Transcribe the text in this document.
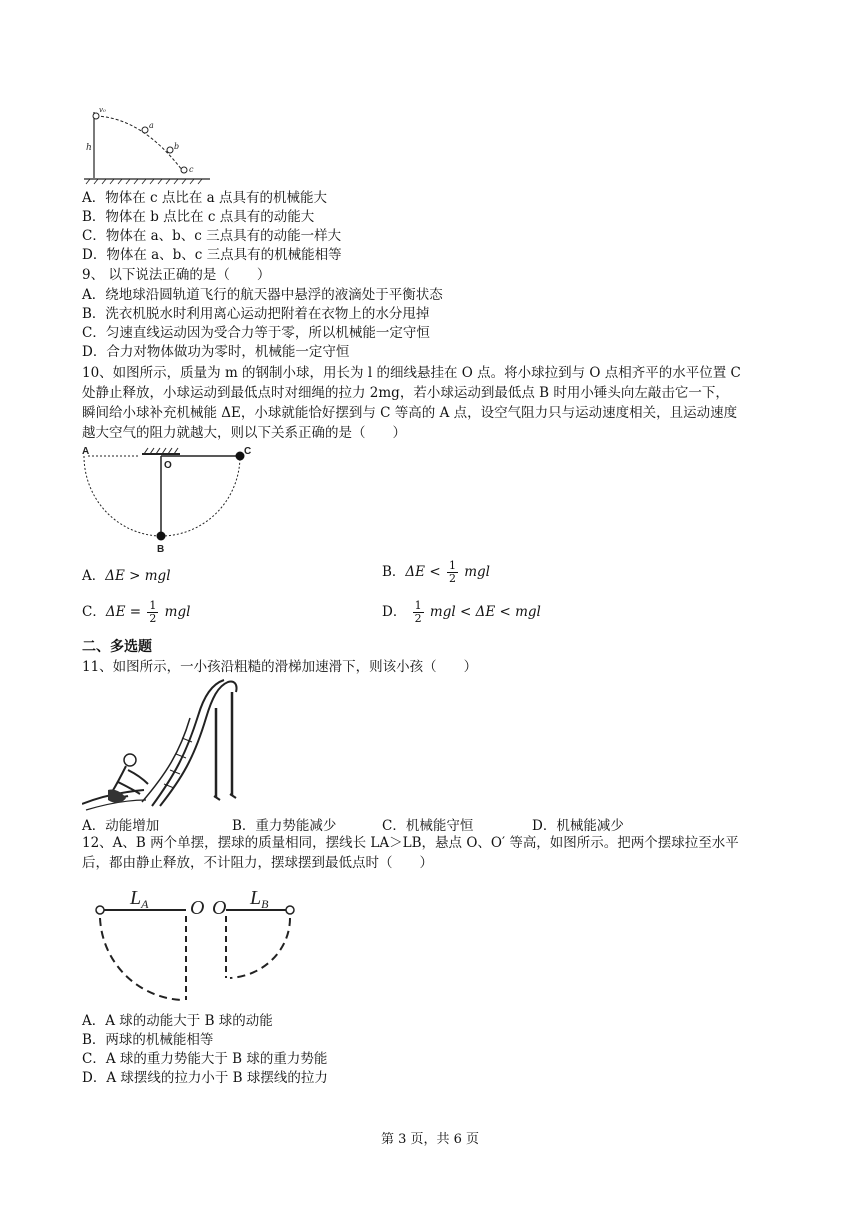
v₀
h
a
b
c
A．物体在 c 点比在 a 点具有的机械能大
B．物体在 b 点比在 c 点具有的动能大
C．物体在 a、b、c 三点具有的动能一样大
D．物体在 a、b、c 三点具有的机械能相等
9、 以下说法正确的是（　　）
A．绕地球沿圆轨道飞行的航天器中悬浮的液滴处于平衡状态
B．洗衣机脱水时利用离心运动把附着在衣物上的水分甩掉
C．匀速直线运动因为受合力等于零，所以机械能一定守恒
D．合力对物体做功为零时，机械能一定守恒
10、如图所示，质量为 m 的钢制小球，用长为 l 的细线悬挂在 O 点。将小球拉到与 O 点相齐平的水平位置 C
处静止释放，小球运动到最低点时对细绳的拉力 2mg，若小球运动到最低点 B 时用小锤头向左敲击它一下，
瞬间给小球补充机械能 ΔE，小球就能恰好摆到与 C 等高的 A 点，设空气阻力只与运动速度相关，且运动速度
越大空气的阻力就越大，则以下关系正确的是（　　）
A
O
C
B
A．ΔE > mgl	B．$\Delta E < \frac{1}{2}$ mgl
C．$\Delta E = \frac{1}{2}$ mgl	D． $\frac{1}{2}$ mgl < ΔE < mgl
二、多选题
11、如图所示，一小孩沿粗糙的滑梯加速滑下，则该小孩（　　）
A．动能增加	B．重力势能减少	C．机械能守恒	D．机械能减少
12、A、B 两个单摆，摆球的质量相同，摆线长 LA＞LB，悬点 O、O′ 等高，如图所示。把两个摆球拉至水平
后，都由静止释放，不计阻力，摆球摆到最低点时（　　）
$L_A$ O O $L_B$
A．A 球的动能大于 B 球的动能
B．两球的机械能相等
C．A 球的重力势能大于 B 球的重力势能
D．A 球摆线的拉力小于 B 球摆线的拉力
第 3 页，共 6 页
